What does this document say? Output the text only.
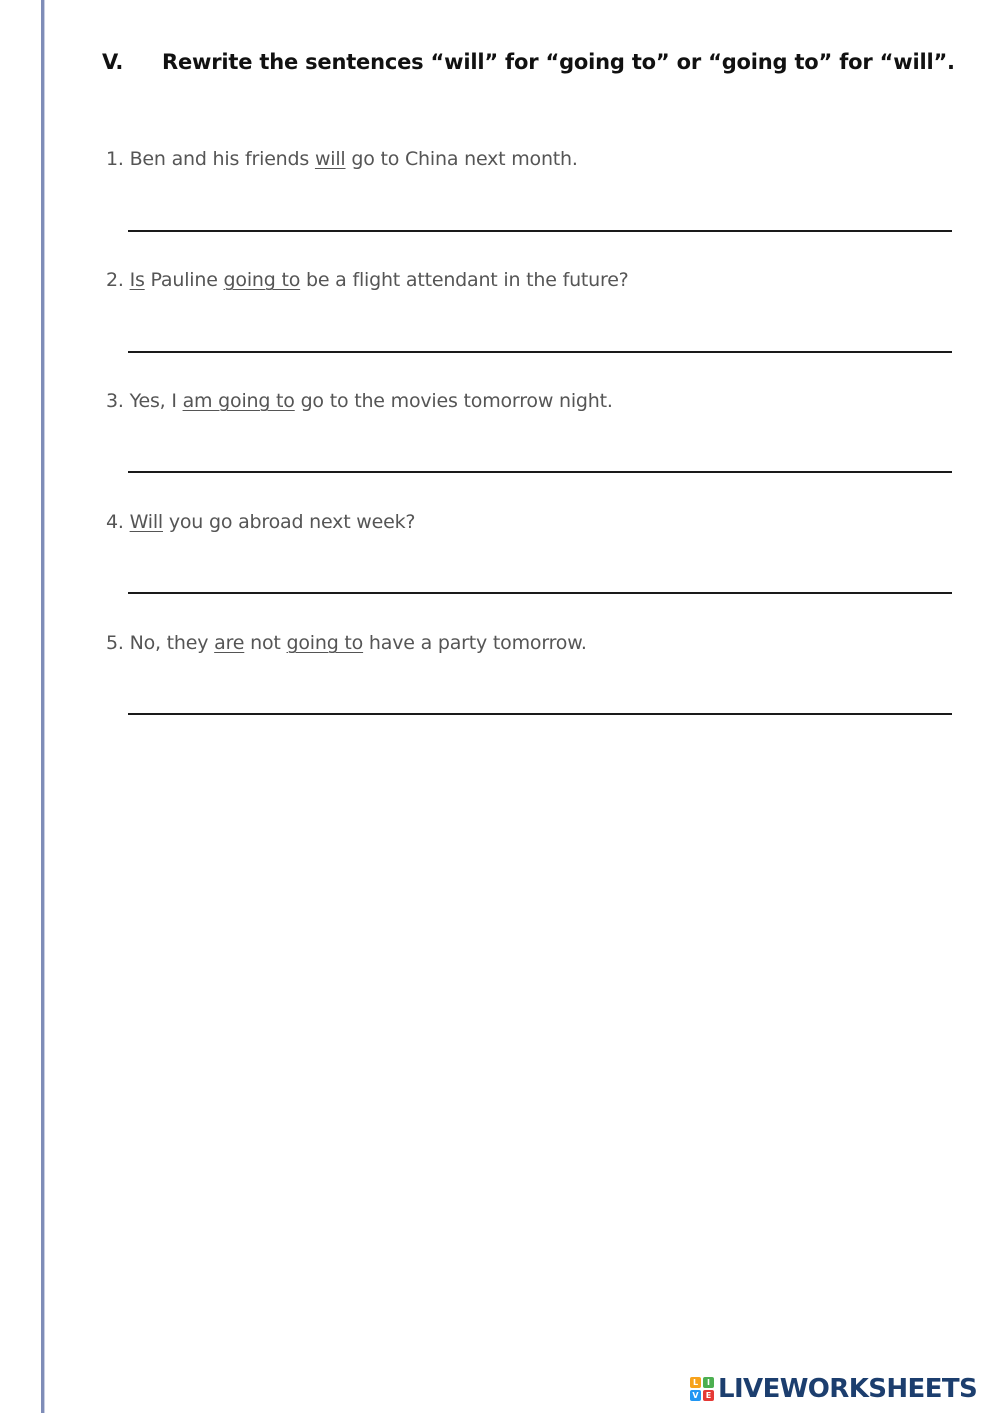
V. Rewrite the sentences “will” for “going to” or “going to” for “will”.
1. Ben and his friends will go to China next month.
2. Is Pauline going to be a flight attendant in the future?
3. Yes, I am going to go to the movies tomorrow night.
4. Will you go abroad next week?
5. No, they are not going to have a party tomorrow.
L	I
V E LIVEWORKSHEETS
